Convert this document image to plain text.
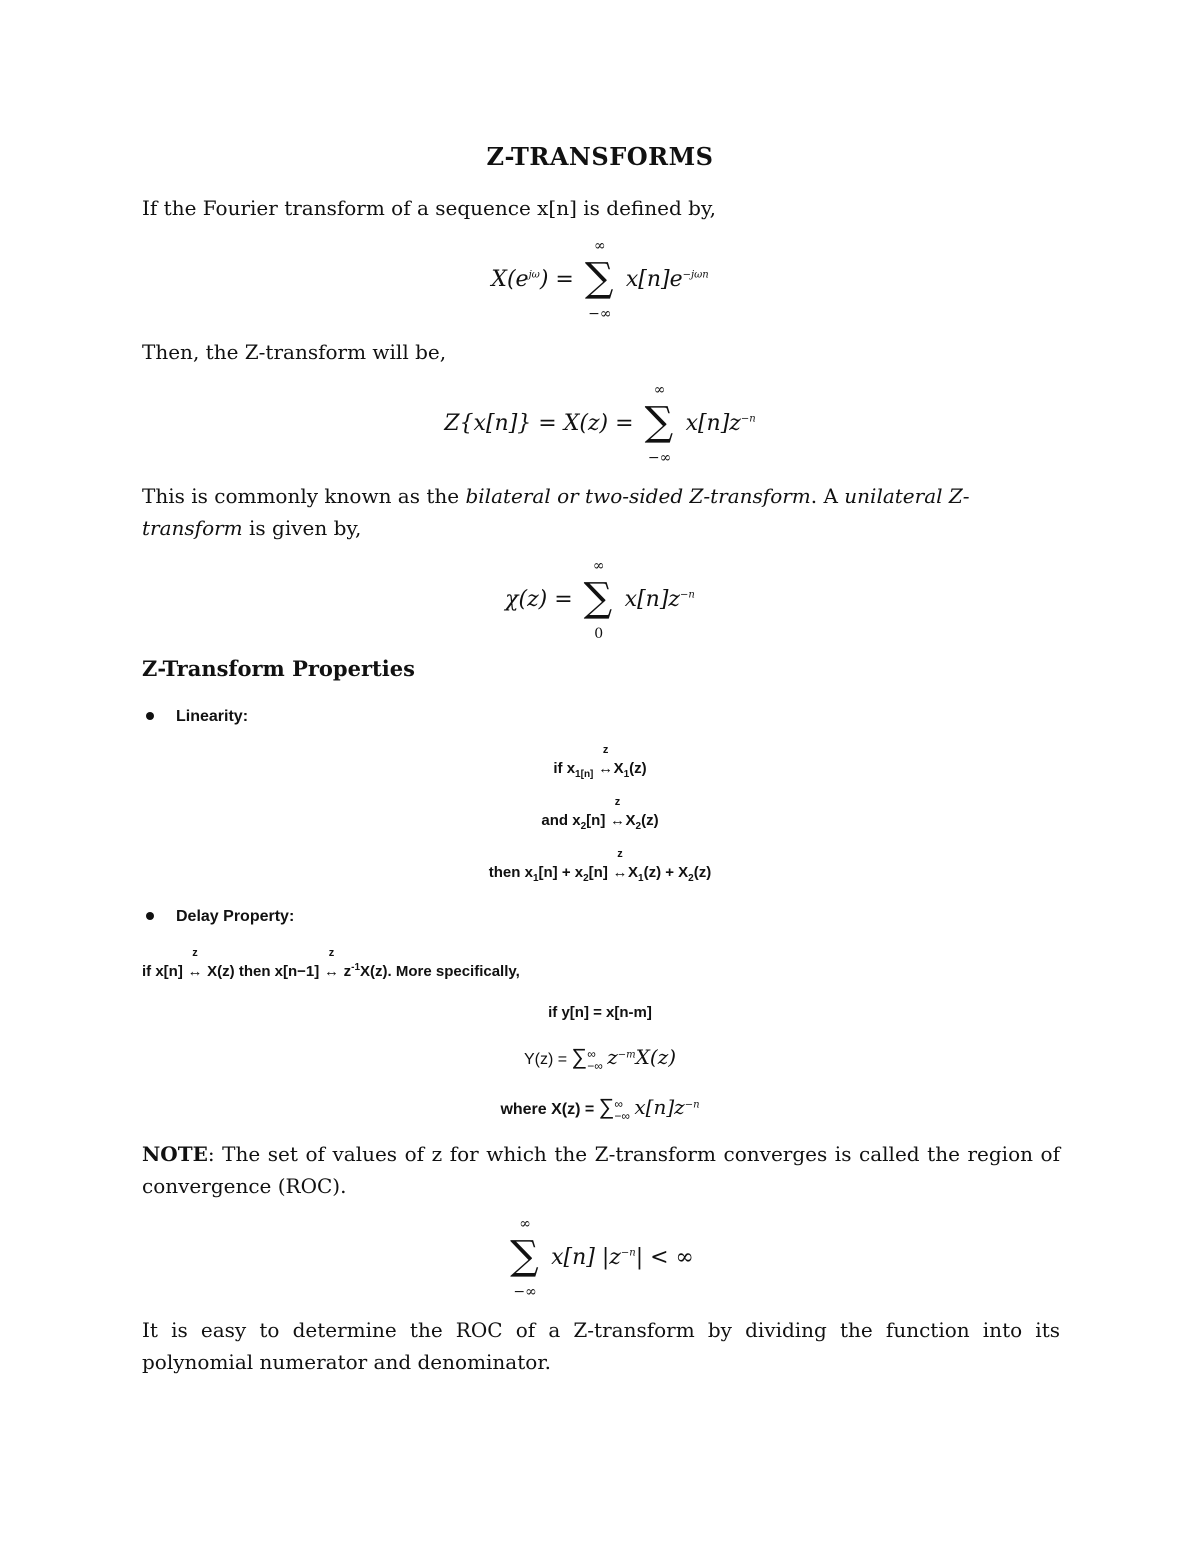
Z-TRANSFORMS
If the Fourier transform of a sequence x[n] is defined by,
$X(e^{j\omega})$ =
∞
∑
−∞
$x[n]e^{-j\omega n}$
Then, the Z-transform will be,
Z{x[n]} = X(z) =
∞
∑
−∞
$x[n]z^{-n}$
This is commonly known as the bilateral or two-sided Z-transform. A unilateral Z-transform is given by,
χ(z) =
∞
∑
0
$x[n]z^{-n}$
Z-Transform Properties
Linearity:
if $x_{1[n]}$
z
$\leftrightarrow X_1(z)$
and $x_2[n]$
z
$\leftrightarrow X_2(z)$
then $x_1[n] + x_2[n]$
z
$\leftrightarrow X_1(z) + X_2(z)$
Delay Property:
if x[n]
z
↔ X(z) then x[n−1]
z
↔ $z^{-1}X(z)$. More specifically,
if y[n] = x[n-m]
Y(z) = ∑∞
−∞ $z^{-m}X(z)$
where X(z) = ∑∞
−∞ $x[n]z^{-n}$
NOTE: The set of values of z for which the Z-transform converges is called the region of convergence (ROC).
∞
∑
−∞
x[n] $|z^{-n}|$ < ∞
It is easy to determine the ROC of a Z-transform by dividing the function into its polynomial numerator and denominator.
